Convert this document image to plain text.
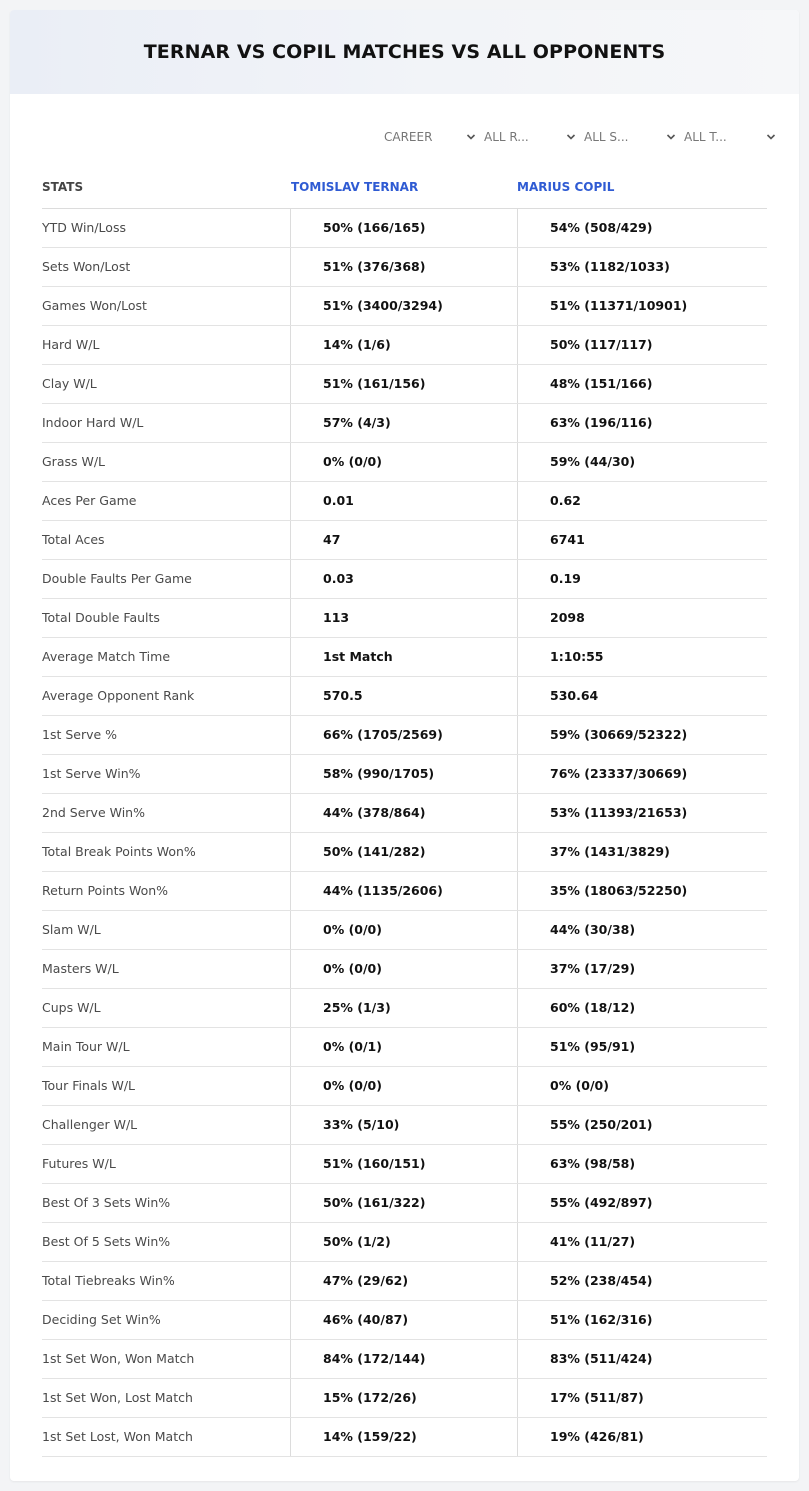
TERNAR VS COPIL MATCHES VS ALL OPPONENTS
CAREER	ALL R...	ALL S...	ALL T...
STATS	TOMISLAV TERNAR	MARIUS COPIL
YTD Win/Loss	50% (166/165)	54% (508/429)
Sets Won/Lost	51% (376/368)	53% (1182/1033)
Games Won/Lost	51% (3400/3294)	51% (11371/10901)
Hard W/L	14% (1/6)	50% (117/117)
Clay W/L	51% (161/156)	48% (151/166)
Indoor Hard W/L	57% (4/3)	63% (196/116)
Grass W/L	0% (0/0)	59% (44/30)
Aces Per Game	0.01	0.62
Total Aces	47	6741
Double Faults Per Game	0.03	0.19
Total Double Faults	113	2098
Average Match Time	1st Match	1:10:55
Average Opponent Rank	570.5	530.64
1st Serve %	66% (1705/2569)	59% (30669/52322)
1st Serve Win%	58% (990/1705)	76% (23337/30669)
2nd Serve Win%	44% (378/864)	53% (11393/21653)
Total Break Points Won%	50% (141/282)	37% (1431/3829)
Return Points Won%	44% (1135/2606)	35% (18063/52250)
Slam W/L	0% (0/0)	44% (30/38)
Masters W/L	0% (0/0)	37% (17/29)
Cups W/L	25% (1/3)	60% (18/12)
Main Tour W/L	0% (0/1)	51% (95/91)
Tour Finals W/L	0% (0/0)	0% (0/0)
Challenger W/L	33% (5/10)	55% (250/201)
Futures W/L	51% (160/151)	63% (98/58)
Best Of 3 Sets Win%	50% (161/322)	55% (492/897)
Best Of 5 Sets Win%	50% (1/2)	41% (11/27)
Total Tiebreaks Win%	47% (29/62)	52% (238/454)
Deciding Set Win%	46% (40/87)	51% (162/316)
1st Set Won, Won Match	84% (172/144)	83% (511/424)
1st Set Won, Lost Match	15% (172/26)	17% (511/87)
1st Set Lost, Won Match	14% (159/22)	19% (426/81)
